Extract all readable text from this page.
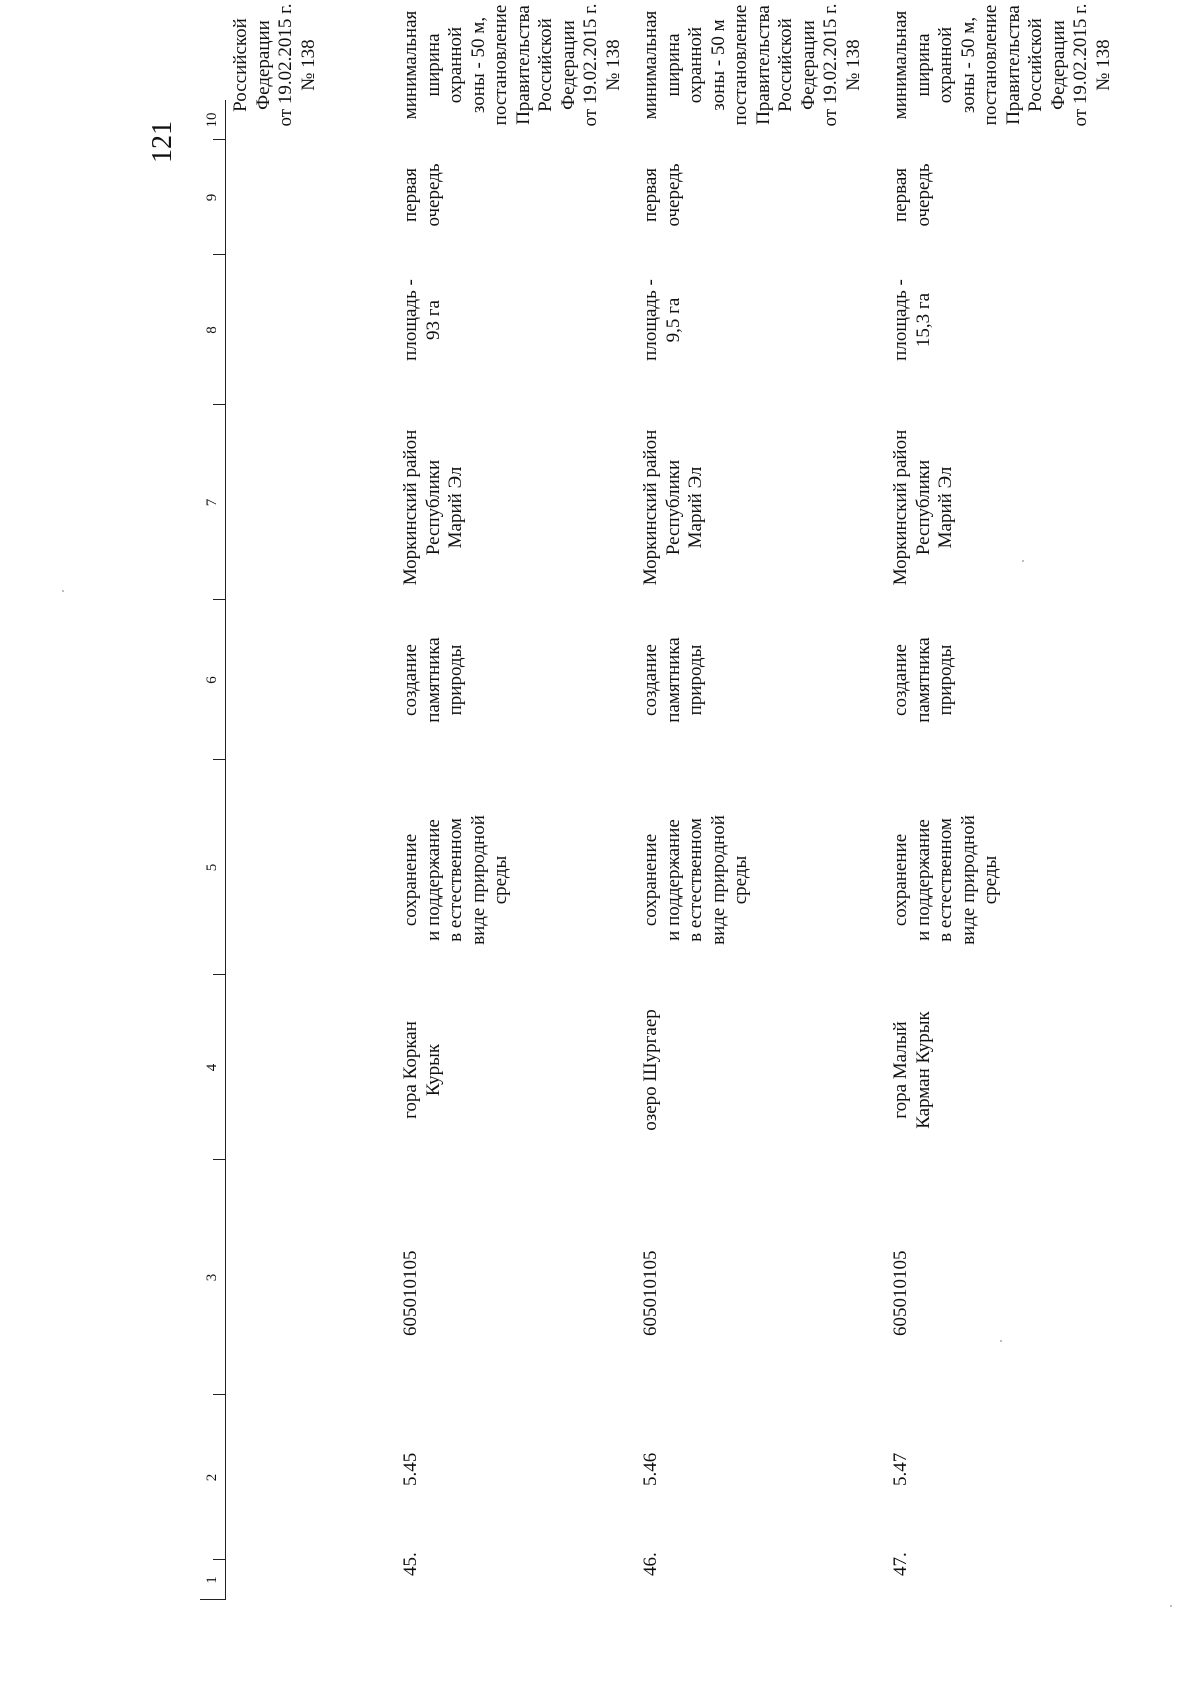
121
1
2
3
4
5
6
7
8
9
10
Российской Федерации от 19.02.2015 г. № 138
45.
5.45
605010105
гора Коркан Курык
сохранение и поддержание в естественном виде природной среды
создание памятника природы
Моркинский район Республики Марий Эл
площадь - 93 га
первая очередь
минимальная ширина охранной зоны - 50 м, постановление Правительства Российской Федерации от 19.02.2015 г. № 138
46.
5.46
605010105
озеро Шургаер
сохранение и поддержание в естественном виде природной среды
создание памятника природы
Моркинский район Республики Марий Эл
площадь - 9,5 га
первая очередь
минимальная ширина охранной зоны - 50 м постановление Правительства Российской Федерации от 19.02.2015 г. № 138
47.
5.47
605010105
гора Малый Карман Курык
сохранение и поддержание в естественном виде природной среды
создание памятника природы
Моркинский район Республики Марий Эл
площадь - 15,3 га
первая очередь
минимальная ширина охранной зоны - 50 м, постановление Правительства Российской Федерации от 19.02.2015 г. № 138
